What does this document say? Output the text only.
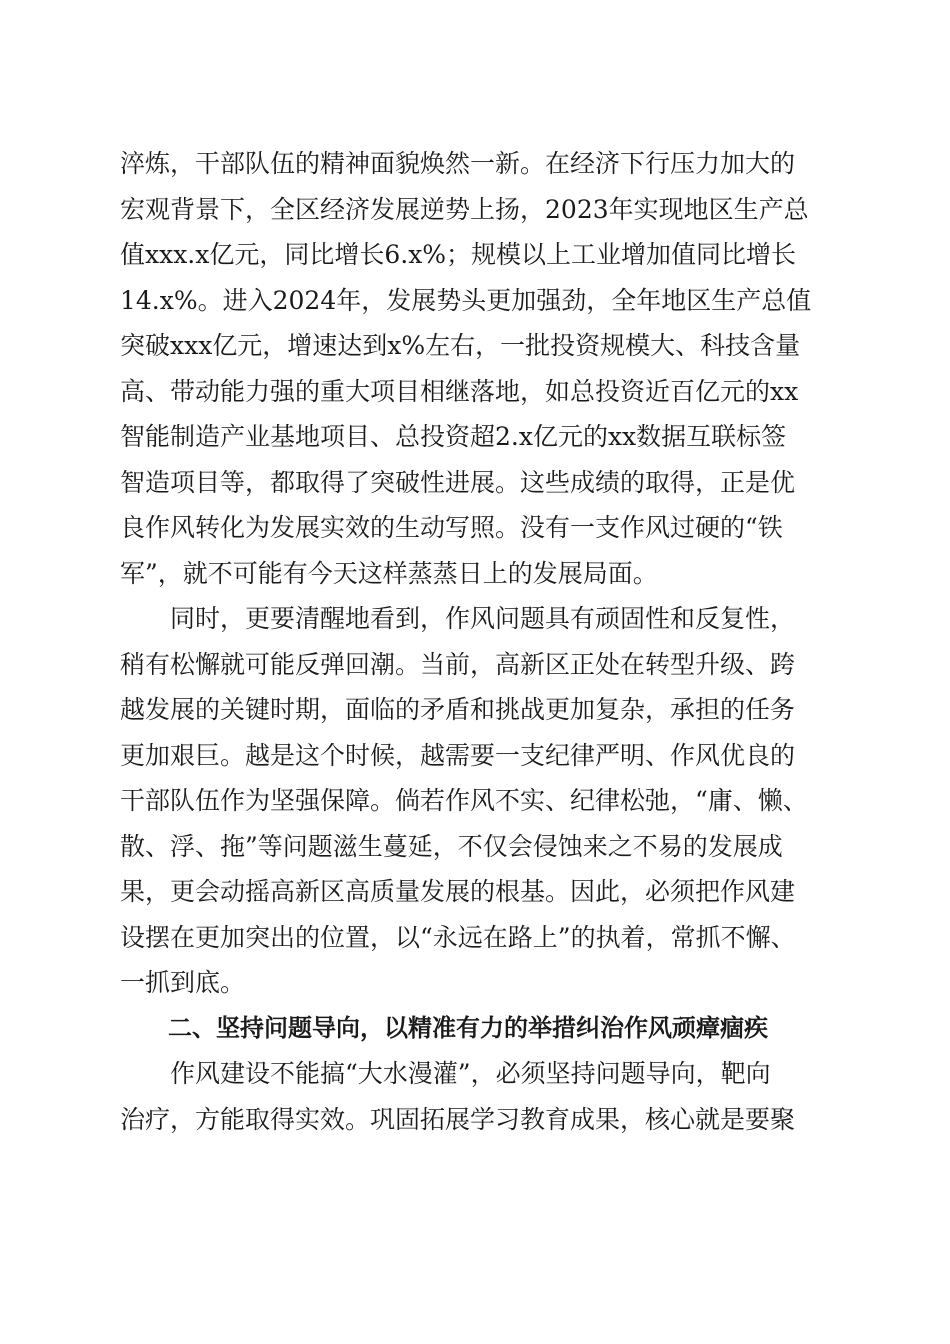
淬炼，干部队伍的精神面貌焕然一新。在经济下行压力加大的
宏观背景下，全区经济发展逆势上扬，2023年实现地区生产总
值xxx.x亿元，同比增长6.x%；规模以上工业增加值同比增长
14.x%。进入2024年，发展势头更加强劲，全年地区生产总值
突破xxx亿元，增速达到x%左右，一批投资规模大、科技含量
高、带动能力强的重大项目相继落地，如总投资近百亿元的xx
智能制造产业基地项目、总投资超2.x亿元的xx数据互联标签
智造项目等，都取得了突破性进展。这些成绩的取得，正是优
良作风转化为发展实效的生动写照。没有一支作风过硬的“铁
军”，就不可能有今天这样蒸蒸日上的发展局面。
同时，更要清醒地看到，作风问题具有顽固性和反复性，
稍有松懈就可能反弹回潮。当前，高新区正处在转型升级、跨
越发展的关键时期，面临的矛盾和挑战更加复杂，承担的任务
更加艰巨。越是这个时候，越需要一支纪律严明、作风优良的
干部队伍作为坚强保障。倘若作风不实、纪律松弛，“庸、懒、
散、浮、拖”等问题滋生蔓延，不仅会侵蚀来之不易的发展成
果，更会动摇高新区高质量发展的根基。因此，必须把作风建
设摆在更加突出的位置，以“永远在路上”的执着，常抓不懈、
一抓到底。
二、坚持问题导向，以精准有力的举措纠治作风顽瘴痼疾
作风建设不能搞“大水漫灌”，必须坚持问题导向，靶向
治疗，方能取得实效。巩固拓展学习教育成果，核心就是要聚
